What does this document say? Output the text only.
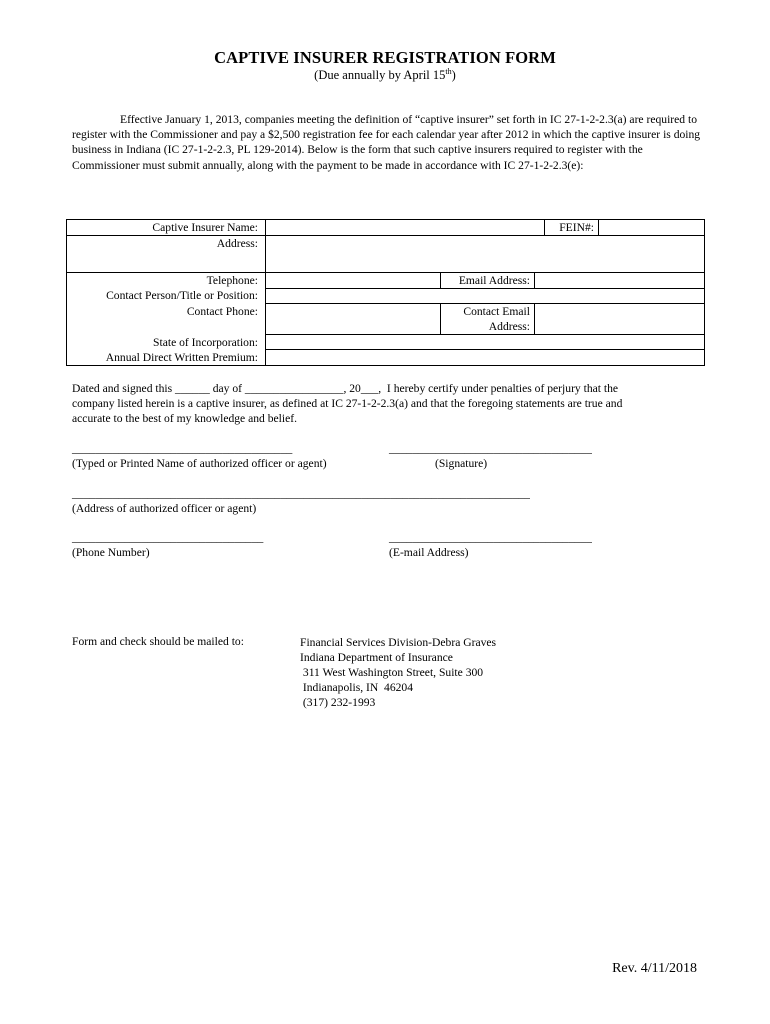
CAPTIVE INSURER REGISTRATION FORM
(Due annually by April 15th)
Effective January 1, 2013, companies meeting the definition of “captive insurer” set forth in IC 27-1-2-2.3(a) are required to register with the Commissioner and pay a $2,500 registration fee for each calendar year after 2012 in which the captive insurer is doing business in Indiana (IC 27-1-2-2.3, PL 129-2014). Below is the form that such captive insurers required to register with the Commissioner must submit annually, along with the payment to be made in accordance with IC 27-1-2-2.3(e):
Captive Insurer Name:	FEIN#:
Address:
Telephone:	Email Address:
Contact Person/Title or Position:
Contact Phone:	Contact Email
Address:
State of Incorporation:
Annual Direct Written Premium:
Dated and signed this ______ day of _________________, 20___,  I hereby certify under penalties of perjury that the
company listed herein is a captive insurer, as defined at IC 27-1-2-2.3(a) and that the foregoing statements are true and
accurate to the best of my knowledge and belief.
______________________________________	___________________________________
(Typed or Printed Name of authorized officer or agent)	(Signature)
_______________________________________________________________________________
(Address of authorized officer or agent)
_________________________________	___________________________________
(Phone Number)	(E-mail Address)
Form and check should be mailed to:	Financial Services Division-Debra Graves
Indiana Department of Insurance
311 West Washington Street, Suite 300
Indianapolis, IN  46204
(317) 232-1993
Rev. 4/11/2018
